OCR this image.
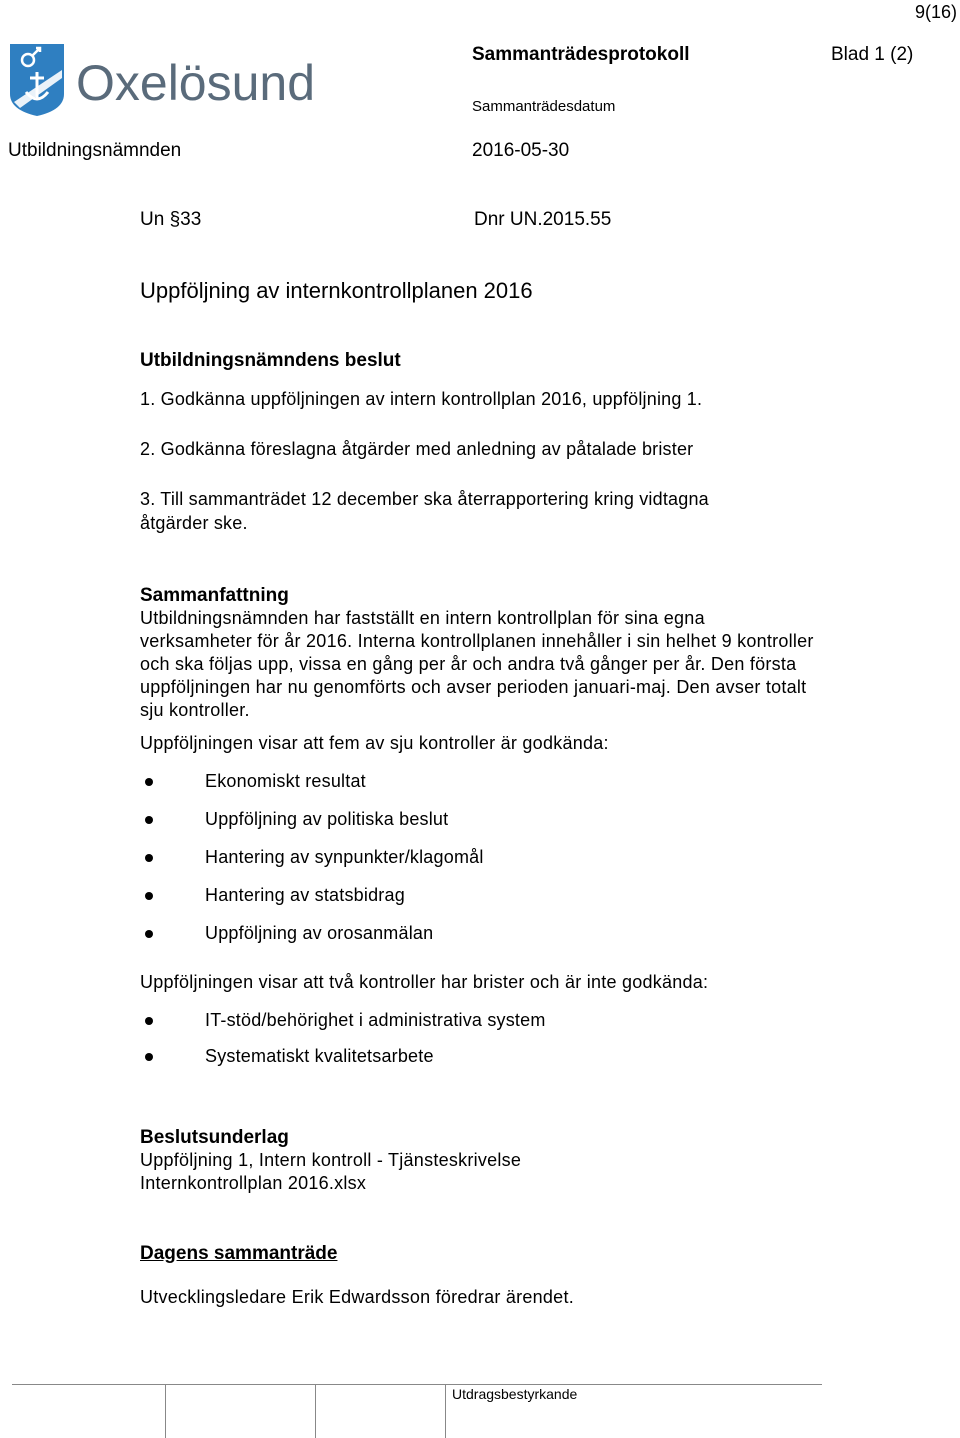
9(16)
Oxelösund
Sammanträdesprotokoll	Blad 1 (2)
Sammanträdesdatum
Utbildningsnämnden	2016-05-30
Un §33	Dnr UN.2015.55
Uppföljning av internkontrollplanen 2016
Utbildningsnämndens beslut
1. Godkänna uppföljningen av intern kontrollplan 2016, uppföljning 1.
2. Godkänna föreslagna åtgärder med anledning av påtalade brister
3. Till sammanträdet 12 december ska återrapportering kring vidtagna åtgärder ske.
Sammanfattning
Utbildningsnämnden har fastställt en intern kontrollplan för sina egna verksamheter för år 2016. Interna kontrollplanen innehåller i sin helhet 9 kontroller och ska följas upp, vissa en gång per år och andra två gånger per år. Den första uppföljningen har nu genomförts och avser perioden januari-maj. Den avser totalt sju kontroller.
Uppföljningen visar att fem av sju kontroller är godkända:
Ekonomiskt resultat
Uppföljning av politiska beslut
Hantering av synpunkter/klagomål
Hantering av statsbidrag
Uppföljning av orosanmälan
Uppföljningen visar att två kontroller har brister och är inte godkända:
IT-stöd/behörighet i administrativa system
Systematiskt kvalitetsarbete
Beslutsunderlag
Uppföljning 1, Intern kontroll - Tjänsteskrivelse
Internkontrollplan 2016.xlsx
Dagens sammanträde
Utvecklingsledare Erik Edwardsson föredrar ärendet.
Utdragsbestyrkande
